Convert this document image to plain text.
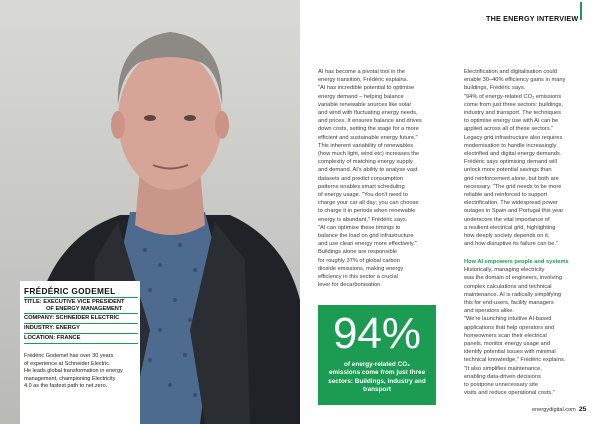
FRÉDÉRIC GODEMEL
TITLE: EXECUTIVE VICE PRESIDENT
OF ENERGY MANAGEMENT
COMPANY: SCHNEIDER ELECTRIC
INDUSTRY: ENERGY
LOCATION: FRANCE
Frédéric Godemel has over 30 years
of experience at Schneider Electric.
He leads global transformation in energy
management, championing Electricity
4.0 as the fastest path to net zero.
THE ENERGY INTERVIEW

AI has become a pivotal tool in the

energy transition, Frédéric explains.

"AI has incredible potential to optimise

energy demand – helping balance

variable renewable sources like solar

and wind with fluctuating energy needs,

and prices. It ensures balance and drives

down costs, setting the stage for a more

efficient and sustainable energy future."

This inherent variability of renewables

(how much light, wind etc) increases the

complexity of matching energy supply

and demand. AI's ability to analyse vast

datasets and predict consumption

patterns enables smart scheduling

of energy usage. "You don't need to

charge your car all day; you can choose

to charge it in periods when renewable

energy is abundant," Frédéric says.

"AI can optimise these timings to

balance the load on grid infrastructure

and use clean energy more effectively."

Buildings alone are responsible

for roughly 37% of global carbon

dioxide emissions, making energy

efficiency in this sector a crucial

lever for decarbonisation.

Electrification and digitalisation could

enable 30–40% efficiency gains in many

buildings, Frédéric says.

"94% of energy-related CO₂ emissions

come from just three sectors: buildings,

industry and transport. The techniques

to optimise energy use with AI can be

applied across all of these sectors."

Legacy grid infrastructure also requires

modernisation to handle increasingly

electrified and digital energy demands.

Frédéric says optimising demand will

unlock more potential savings than

grid reinforcement alone, but both are

necessary. "The grid needs to be more

reliable and reinforced to support

electrification. The widespread power

outages in Spain and Portugal this year

underscore the vital importance of

a resilient electrical grid, highlighting

how deeply society depends on it,

and how disruptive its failure can be."

How AI empowers people and systems

Historically, managing electricity

was the domain of engineers, involving

complex calculations and technical

maintenance. AI is radically simplifying

this for end-users, facility managers

and operators alike.

"We're launching intuitive AI-based

applications that help operators and

homeowners scan their electrical

panels, monitor energy usage and

identify potential issues with minimal

technical knowledge," Frédéric explains.

"It also simplifies maintenance,

enabling data-driven decisions

to postpone unnecessary site

visits and reduce operational costs."

94%
of energy-related CO₂ emissions come from just three sectors: Buildings, industry and transport
energydigital.com 25
